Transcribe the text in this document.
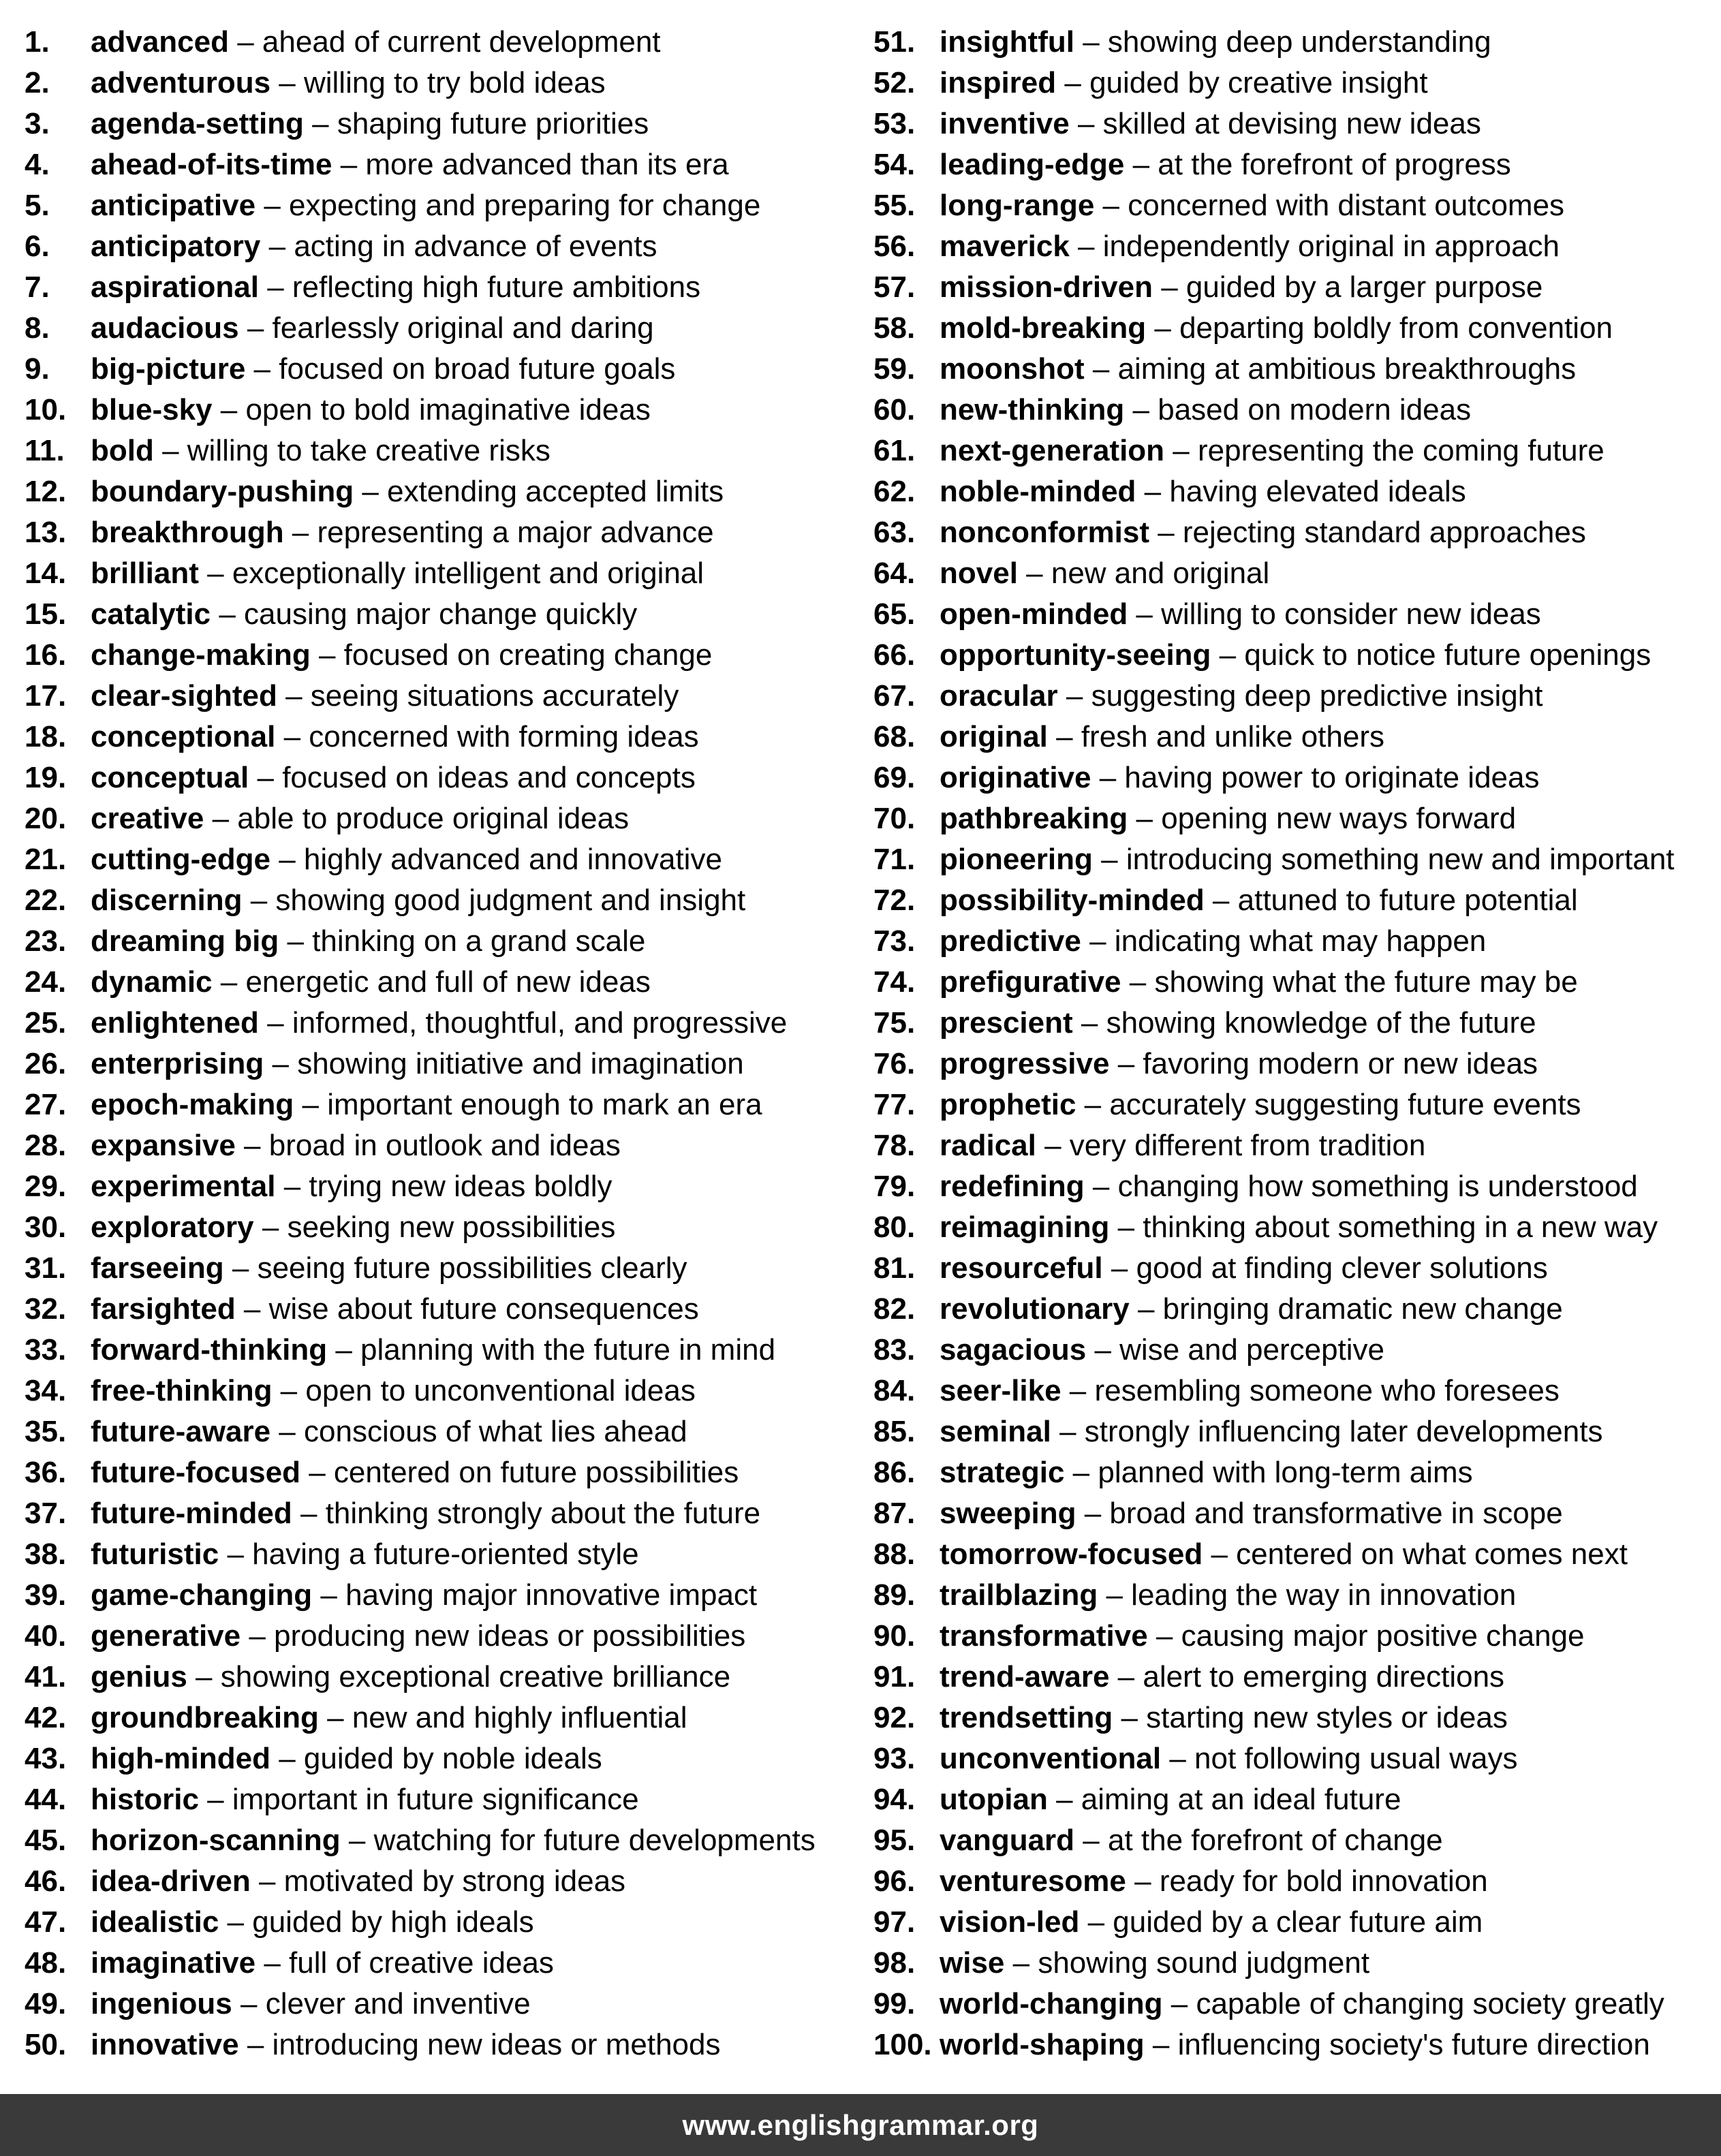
1. advanced – ahead of current development
2. adventurous – willing to try bold ideas
3. agenda-setting – shaping future priorities
4. ahead-of-its-time – more advanced than its era
5. anticipative – expecting and preparing for change
6. anticipatory – acting in advance of events
7. aspirational – reflecting high future ambitions
8. audacious – fearlessly original and daring
9. big-picture – focused on broad future goals
10. blue-sky – open to bold imaginative ideas
11. bold – willing to take creative risks
12. boundary-pushing – extending accepted limits
13. breakthrough – representing a major advance
14. brilliant – exceptionally intelligent and original
15. catalytic – causing major change quickly
16. change-making – focused on creating change
17. clear-sighted – seeing situations accurately
18. conceptional – concerned with forming ideas
19. conceptual – focused on ideas and concepts
20. creative – able to produce original ideas
21. cutting-edge – highly advanced and innovative
22. discerning – showing good judgment and insight
23. dreaming big – thinking on a grand scale
24. dynamic – energetic and full of new ideas
25. enlightened – informed, thoughtful, and progressive
26. enterprising – showing initiative and imagination
27. epoch-making – important enough to mark an era
28. expansive – broad in outlook and ideas
29. experimental – trying new ideas boldly
30. exploratory – seeking new possibilities
31. farseeing – seeing future possibilities clearly
32. farsighted – wise about future consequences
33. forward-thinking – planning with the future in mind
34. free-thinking – open to unconventional ideas
35. future-aware – conscious of what lies ahead
36. future-focused – centered on future possibilities
37. future-minded – thinking strongly about the future
38. futuristic – having a future-oriented style
39. game-changing – having major innovative impact
40. generative – producing new ideas or possibilities
41. genius – showing exceptional creative brilliance
42. groundbreaking – new and highly influential
43. high-minded – guided by noble ideals
44. historic – important in future significance
45. horizon-scanning – watching for future developments
46. idea-driven – motivated by strong ideas
47. idealistic – guided by high ideals
48. imaginative – full of creative ideas
49. ingenious – clever and inventive
50. innovative – introducing new ideas or methods
51. insightful – showing deep understanding
52. inspired – guided by creative insight
53. inventive – skilled at devising new ideas
54. leading-edge – at the forefront of progress
55. long-range – concerned with distant outcomes
56. maverick – independently original in approach
57. mission-driven – guided by a larger purpose
58. mold-breaking – departing boldly from convention
59. moonshot – aiming at ambitious breakthroughs
60. new-thinking – based on modern ideas
61. next-generation – representing the coming future
62. noble-minded – having elevated ideals
63. nonconformist – rejecting standard approaches
64. novel – new and original
65. open-minded – willing to consider new ideas
66. opportunity-seeing – quick to notice future openings
67. oracular – suggesting deep predictive insight
68. original – fresh and unlike others
69. originative – having power to originate ideas
70. pathbreaking – opening new ways forward
71. pioneering – introducing something new and important
72. possibility-minded – attuned to future potential
73. predictive – indicating what may happen
74. prefigurative – showing what the future may be
75. prescient – showing knowledge of the future
76. progressive – favoring modern or new ideas
77. prophetic – accurately suggesting future events
78. radical – very different from tradition
79. redefining – changing how something is understood
80. reimagining – thinking about something in a new way
81. resourceful – good at finding clever solutions
82. revolutionary – bringing dramatic new change
83. sagacious – wise and perceptive
84. seer-like – resembling someone who foresees
85. seminal – strongly influencing later developments
86. strategic – planned with long-term aims
87. sweeping – broad and transformative in scope
88. tomorrow-focused – centered on what comes next
89. trailblazing – leading the way in innovation
90. transformative – causing major positive change
91. trend-aware – alert to emerging directions
92. trendsetting – starting new styles or ideas
93. unconventional – not following usual ways
94. utopian – aiming at an ideal future
95. vanguard – at the forefront of change
96. venturesome – ready for bold innovation
97. vision-led – guided by a clear future aim
98. wise – showing sound judgment
99. world-changing – capable of changing society greatly
100. world-shaping – influencing society's future direction
www.englishgrammar.org
